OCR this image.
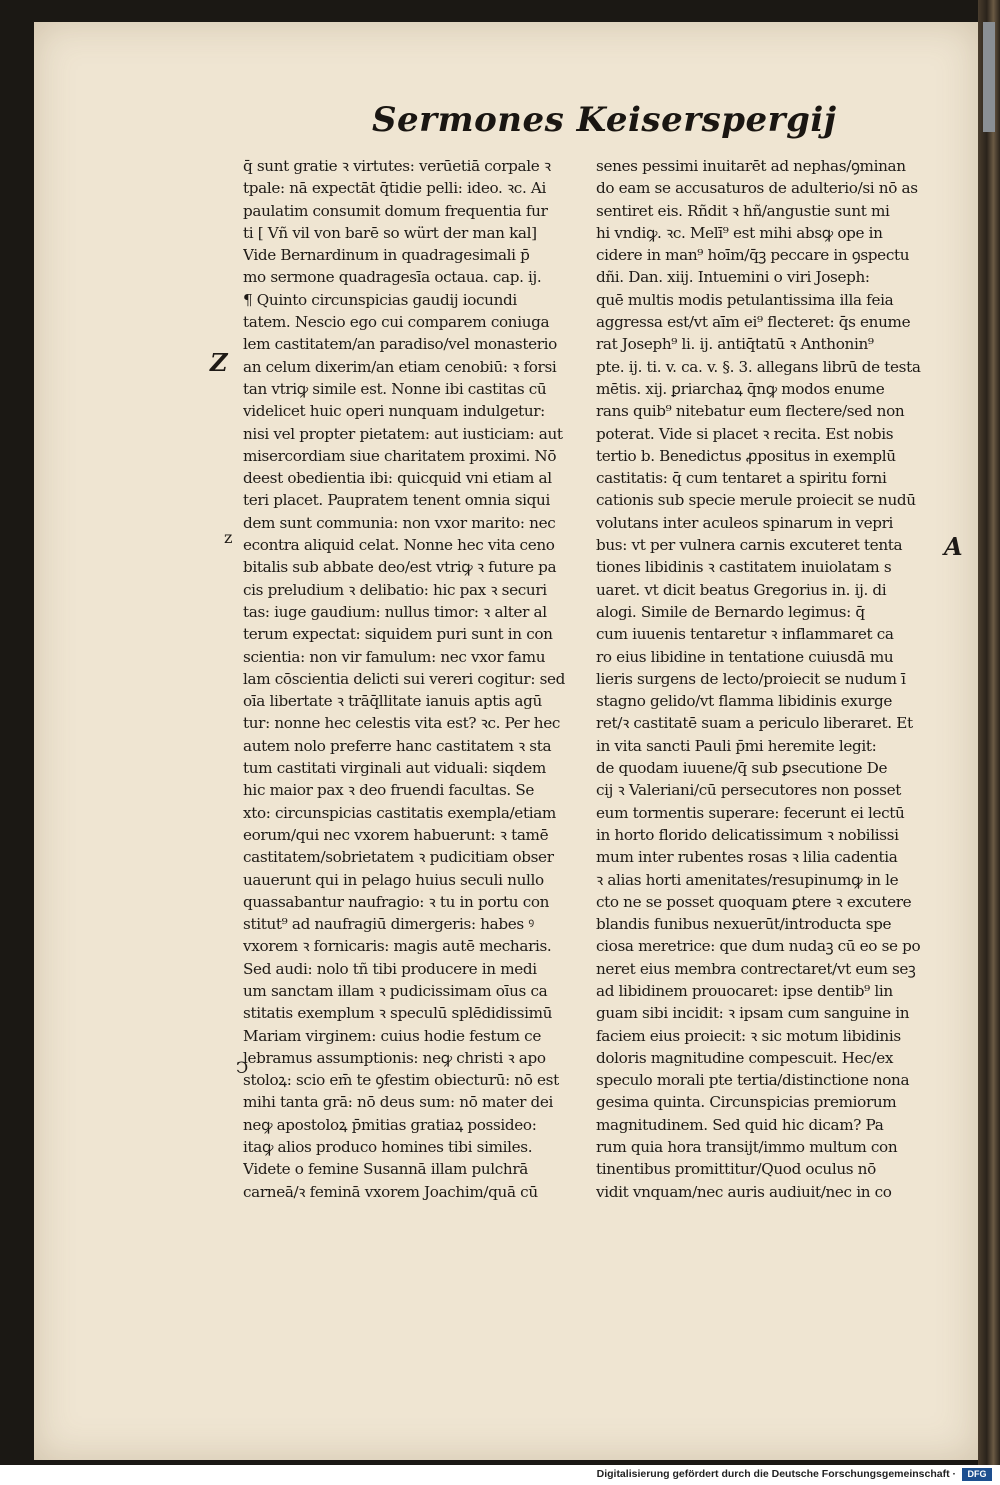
Sermones Keiserspergij
Z
z
Ↄ
A
q̄ sunt gratie ꝛ virtutes: verūetiā corpale ꝛ
tpale: nā expectāt q̄tidie pelli: ideo. ꝛc. Ai
paulatim consumit domum frequentia fur
ti [ Vñ vil von barē so würt der man kal]
Vide Bernardinum in quadragesimali p̄
mo sermone quadragesīa octaua. cap. ij.
¶ Quinto circunspicias gaudij iocundi
tatem. Nescio ego cui comparem coniuga
lem castitatem/an paradiso/vel monasterio
an celum dixerim/an etiam cenobiū: ꝛ forsi
tan vtriꝙ simile est. Nonne ibi castitas cū
videlicet huic operi nunquam indulgetur:
nisi vel propter pietatem: aut iusticiam: aut
misercordiam siue charitatem proximi. Nō
deest obedientia ibi: quicquid vni etiam al
teri placet. Paupratem tenent omnia siqui
dem sunt communia: non vxor marito: nec
econtra aliquid celat. Nonne hec vita ceno
bitalis sub abbate deo/est vtriꝙ ꝛ future pa
cis preludium ꝛ delibatio: hic pax ꝛ securi
tas: iuge gaudium: nullus timor: ꝛ alter al
terum expectat: siquidem puri sunt in con
scientia: non vir famulum: nec vxor famu
lam cōscientia delicti sui vereri cogitur: sed
oīa libertate ꝛ trāq̄llitate ianuis aptis agū
tur: nonne hec celestis vita est? ꝛc. Per hec
autem nolo preferre hanc castitatem ꝛ sta
tum castitati virginali aut viduali: siqdem
hic maior pax ꝛ deo fruendi facultas. Se
xto: circunspicias castitatis exempla/etiam
eorum/qui nec vxorem habuerunt: ꝛ tamē
castitatem/sobrietatem ꝛ pudicitiam obser
uauerunt qui in pelago huius seculi nullo
quassabantur naufragio: ꝛ tu in portu con
stitut⁹ ad naufragiū dimergeris: habes ꝰ
vxorem ꝛ fornicaris: magis autē mecharis.
Sed audi: nolo tñ tibi producere in medi
um sanctam illam ꝛ pudicissimam oīus ca
stitatis exemplum ꝛ speculū splēdidissimū
Mariam virginem: cuius hodie festum ce
lebramus assumptionis: neꝙ christi ꝛ apo
stoloꝝ: scio em̄ te ꝯfestim obiecturū: nō est
mihi tanta grā: nō deus sum: nō mater dei
neꝙ apostoloꝝ p̄mitias gratiaꝝ possideo:
itaꝙ alios produco homines tibi similes.
Videte o femine Susannā illam pulchrā
carneā/ꝛ feminā vxorem Joachim/quā cū
senes pessimi inuitarēt ad nephas/ꝯminan
do eam se accusaturos de adulterio/si nō as
sentiret eis. Rñdit ꝛ hñ/angustie sunt mi
hi vndiꝙ. ꝛc. Melī⁹ est mihi absꝙ ope in
cidere in man⁹ hoīm/q̄ꝫ peccare in ꝯspectu
dñi. Dan. xiij. Intuemini o viri Joseph:
quē multis modis petulantissima illa feia
aggressa est/vt aīm ei⁹ flecteret: q̄s enume
rat Joseph⁹ li. ij. antiq̄tatū ꝛ Anthonin⁹
pte. ij. ti. v. ca. v. §. 3. allegans librū de testa
mētis. xij. ꝑriarchaꝝ q̄nꝙ modos enume
rans quib⁹ nitebatur eum flectere/sed non
poterat. Vide si placet ꝛ recita. Est nobis
tertio b. Benedictus ꝓpositus in exemplū
castitatis: q̄ cum tentaret a spiritu forni
cationis sub specie merule proiecit se nudū
volutans inter aculeos spinarum in vepri
bus: vt per vulnera carnis excuteret tenta
tiones libidinis ꝛ castitatem inuiolatam s
uaret. vt dicit beatus Gregorius in. ij. di
alogi. Simile de Bernardo legimus: q̄
cum iuuenis tentaretur ꝛ inflammaret ca
ro eius libidine in tentatione cuiusdā mu
lieris surgens de lecto/proiecit se nudum ī
stagno gelido/vt flamma libidinis exurge
ret/ꝛ castitatē suam a periculo liberaret. Et
in vita sancti Pauli p̄mi heremite legit:
de quodam iuuene/q̄ sub ꝑsecutione De
cij ꝛ Valeriani/cū persecutores non posset
eum tormentis superare: fecerunt ei lectū
in horto florido delicatissimum ꝛ nobilissi
mum inter rubentes rosas ꝛ lilia cadentia
ꝛ alias horti amenitates/resupinumꝙ in le
cto ne se posset quoquam ꝑtere ꝛ excutere
blandis funibus nexuerūt/introducta spe
ciosa meretrice: que dum nudaꝫ cū eo se po
neret eius membra contrectaret/vt eum seꝫ
ad libidinem prouocaret: ipse dentib⁹ lin
guam sibi incidit: ꝛ ipsam cum sanguine in
faciem eius proiecit: ꝛ sic motum libidinis
doloris magnitudine compescuit. Hec/ex
speculo morali pte tertia/distinctione nona
gesima quinta. Circunspicias premiorum
magnitudinem. Sed quid hic dicam? Pa
rum quia hora transijt/immo multum con
tinentibus promittitur/Quod oculus nō
vidit vnquam/nec auris audiuit/nec in co
Digitalisierung gefördert durch die Deutsche Forschungsgemeinschaft ·	DFG
